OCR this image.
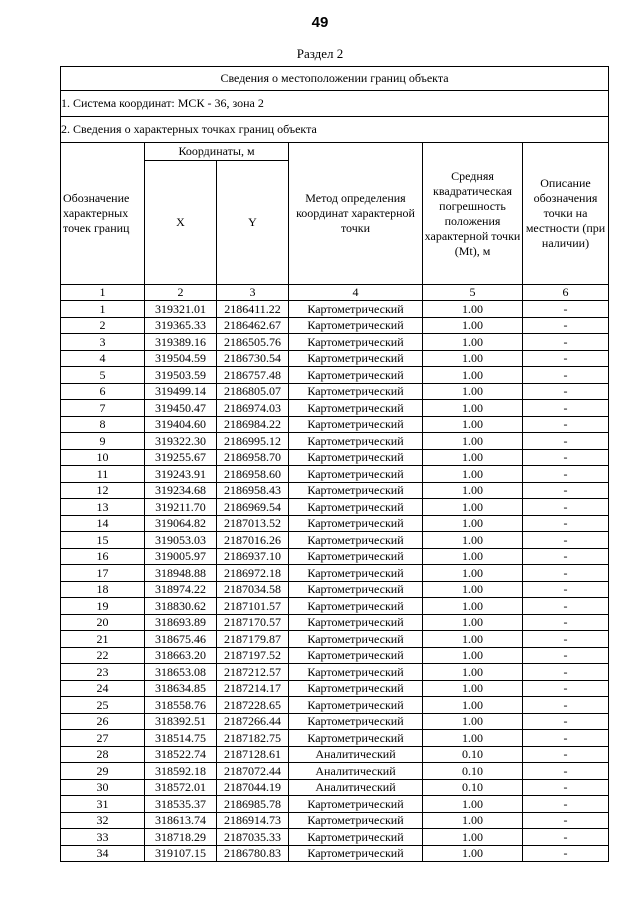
49
Раздел 2
Сведения о местоположении границ объекта					
1. Система координат: МСК - 36, зона 2					
2. Сведения о характерных точках границ объекта					
Обозначение характерных точек границ	Координаты, м		Метод определения координат характерной точки	Средняя квадратическая погрешность положения характерной точки (Mt), м	Описание обозначения точки на местности (при наличии)
	X	Y			
1	2	3	4	5	6
1	319321.01	2186411.22	Картометрический	1.00	-
2	319365.33	2186462.67	Картометрический	1.00	-
3	319389.16	2186505.76	Картометрический	1.00	-
4	319504.59	2186730.54	Картометрический	1.00	-
5	319503.59	2186757.48	Картометрический	1.00	-
6	319499.14	2186805.07	Картометрический	1.00	-
7	319450.47	2186974.03	Картометрический	1.00	-
8	319404.60	2186984.22	Картометрический	1.00	-
9	319322.30	2186995.12	Картометрический	1.00	-
10	319255.67	2186958.70	Картометрический	1.00	-
11	319243.91	2186958.60	Картометрический	1.00	-
12	319234.68	2186958.43	Картометрический	1.00	-
13	319211.70	2186969.54	Картометрический	1.00	-
14	319064.82	2187013.52	Картометрический	1.00	-
15	319053.03	2187016.26	Картометрический	1.00	-
16	319005.97	2186937.10	Картометрический	1.00	-
17	318948.88	2186972.18	Картометрический	1.00	-
18	318974.22	2187034.58	Картометрический	1.00	-
19	318830.62	2187101.57	Картометрический	1.00	-
20	318693.89	2187170.57	Картометрический	1.00	-
21	318675.46	2187179.87	Картометрический	1.00	-
22	318663.20	2187197.52	Картометрический	1.00	-
23	318653.08	2187212.57	Картометрический	1.00	-
24	318634.85	2187214.17	Картометрический	1.00	-
25	318558.76	2187228.65	Картометрический	1.00	-
26	318392.51	2187266.44	Картометрический	1.00	-
27	318514.75	2187182.75	Картометрический	1.00	-
28	318522.74	2187128.61	Аналитический	0.10	-
29	318592.18	2187072.44	Аналитический	0.10	-
30	318572.01	2187044.19	Аналитический	0.10	-
31	318535.37	2186985.78	Картометрический	1.00	-
32	318613.74	2186914.73	Картометрический	1.00	-
33	318718.29	2187035.33	Картометрический	1.00	-
34	319107.15	2186780.83	Картометрический	1.00	-
